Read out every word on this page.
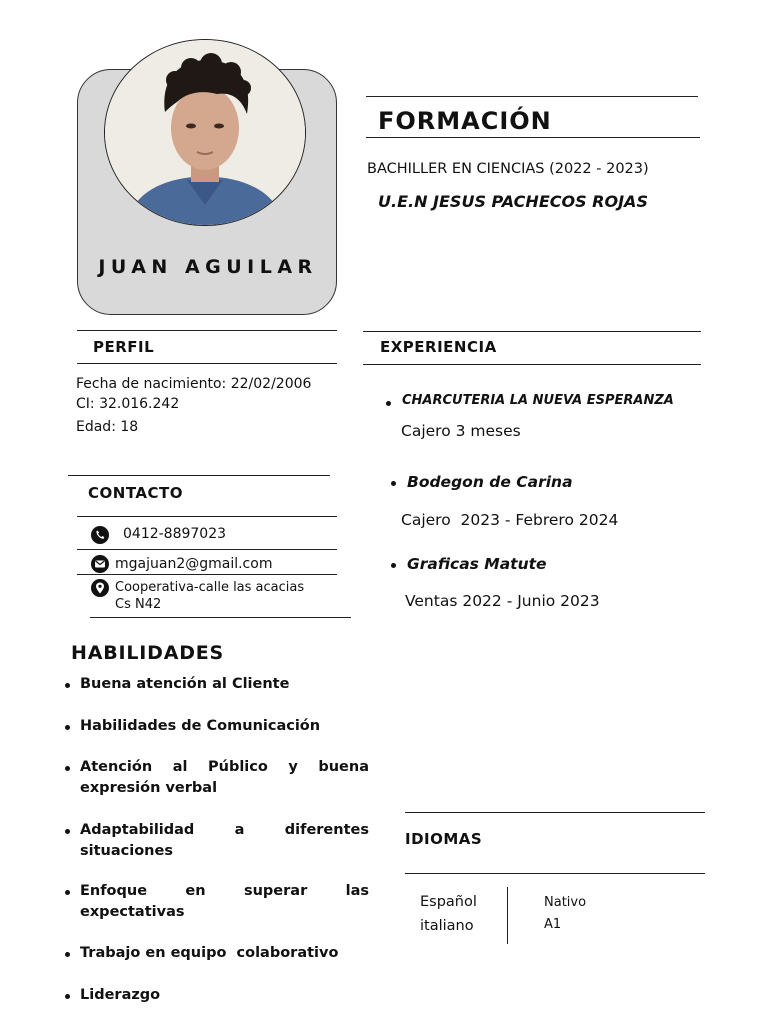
JUAN AGUILAR
FORMACIÓN
BACHILLER EN CIENCIAS (2022 - 2023)
U.E.N JESUS PACHECOS ROJAS
PERFIL
Fecha de nacimiento: 22/02/2006
CI: 32.016.242
Edad: 18
CONTACTO
0412-8897023
mgajuan2@gmail.com
Cooperativa-calle las acacias
Cs N42
EXPERIENCIA
CHARCUTERIA LA NUEVA ESPERANZA
Cajero 3 meses
Bodegon de Carina
Cajero  2023 - Febrero 2024
Graficas Matute
Ventas 2022 - Junio 2023
HABILIDADES
Buena atención al Cliente
Habilidades de Comunicación
Atención al Público y buena expresión verbal
Adaptabilidad a diferentes situaciones
Enfoque en superar las expectativas
Trabajo en equipo  colaborativo
Liderazgo
IDIOMAS
Español
italiano
Nativo
A1
